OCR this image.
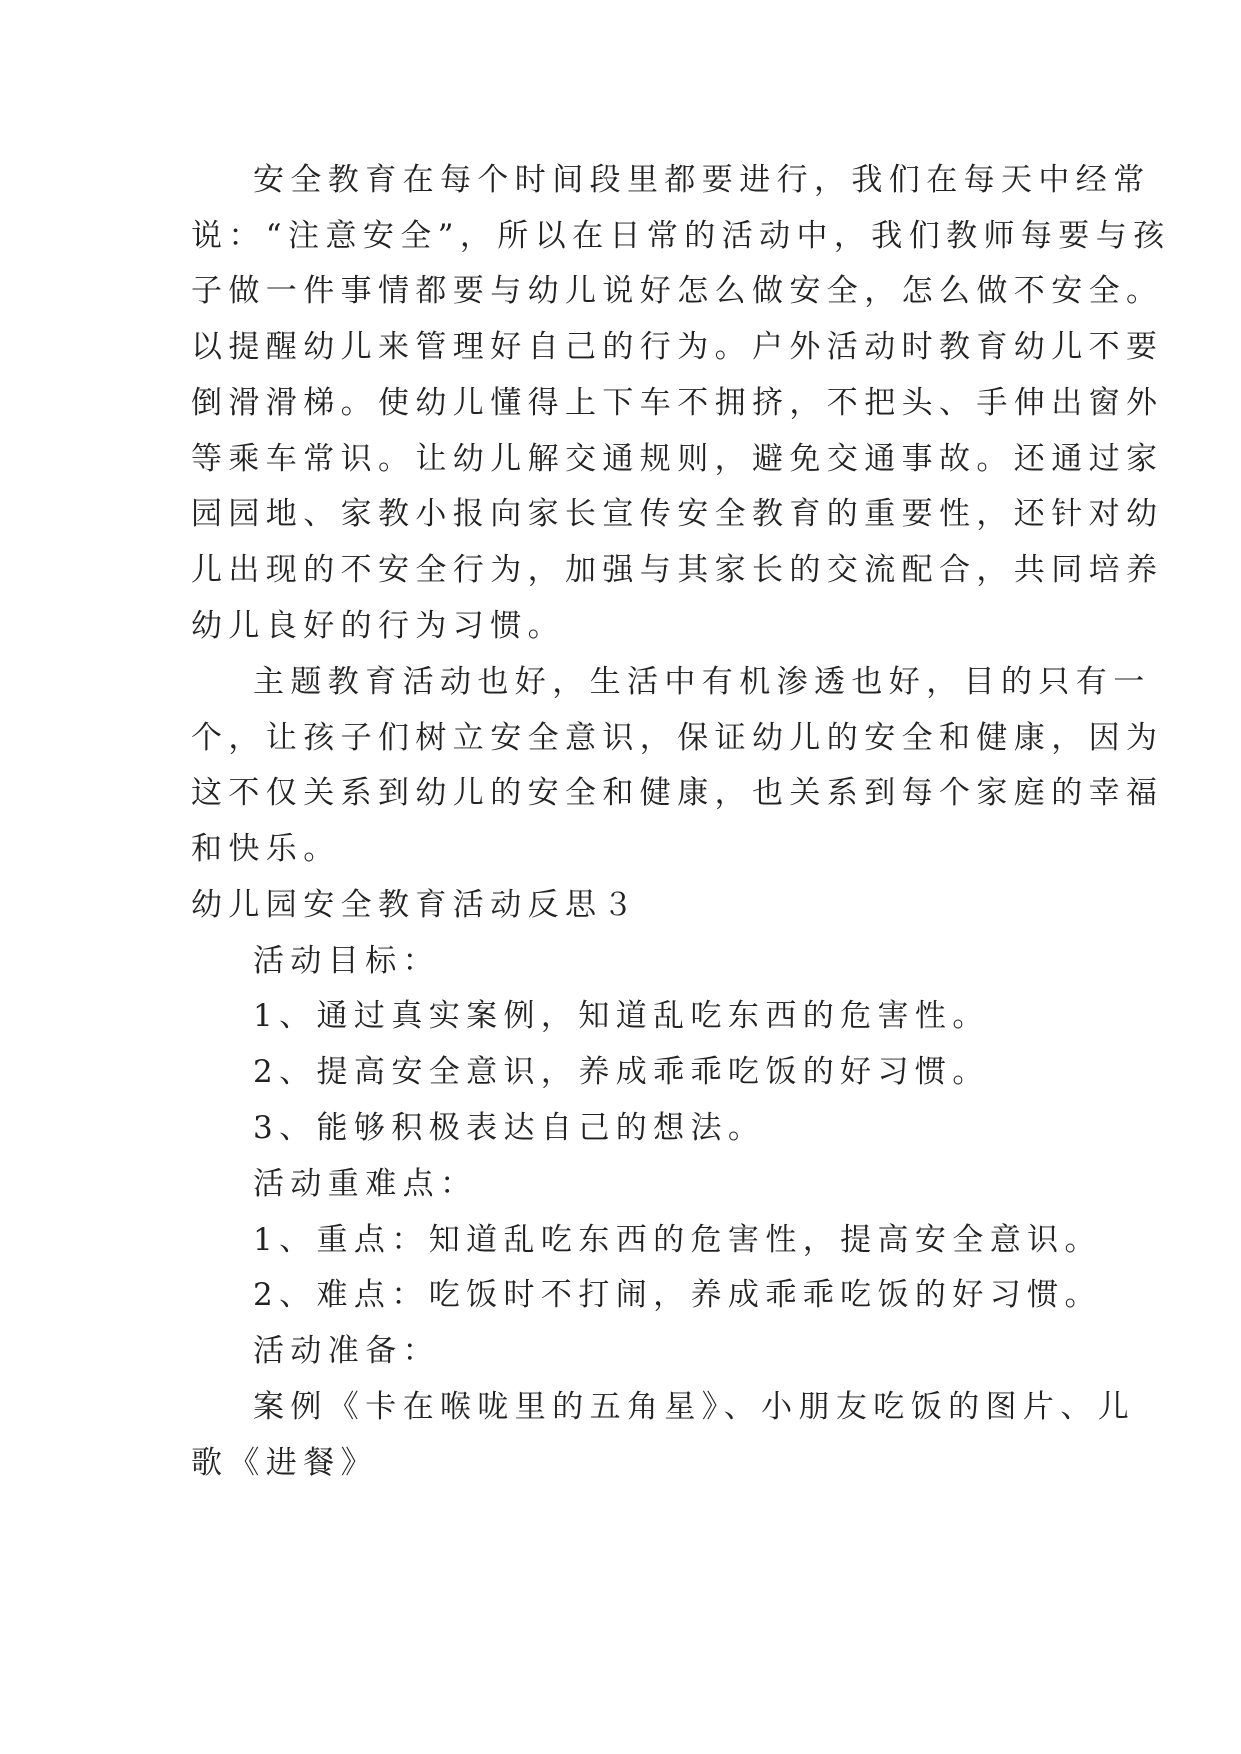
安全教育在每个时间段里都要进行，我们在每天中经常
说：“注意安全”，所以在日常的活动中，我们教师每要与孩
子做一件事情都要与幼儿说好怎么做安全，怎么做不安全。
以提醒幼儿来管理好自己的行为。户外活动时教育幼儿不要
倒滑滑梯。使幼儿懂得上下车不拥挤，不把头、手伸出窗外
等乘车常识。让幼儿解交通规则，避免交通事故。还通过家
园园地、家教小报向家长宣传安全教育的重要性，还针对幼
儿出现的不安全行为，加强与其家长的交流配合，共同培养
幼儿良好的行为习惯。
主题教育活动也好，生活中有机渗透也好，目的只有一
个，让孩子们树立安全意识，保证幼儿的安全和健康，因为
这不仅关系到幼儿的安全和健康，也关系到每个家庭的幸福
和快乐。
幼儿园安全教育活动反思３
活动目标：
1、通过真实案例，知道乱吃东西的危害性。
2、提高安全意识，养成乖乖吃饭的好习惯。
3、能够积极表达自己的想法。
活动重难点：
1、重点：知道乱吃东西的危害性，提高安全意识。
2、难点：吃饭时不打闹，养成乖乖吃饭的好习惯。
活动准备：
案例《卡在喉咙里的五角星》、小朋友吃饭的图片、儿
歌《进餐》
